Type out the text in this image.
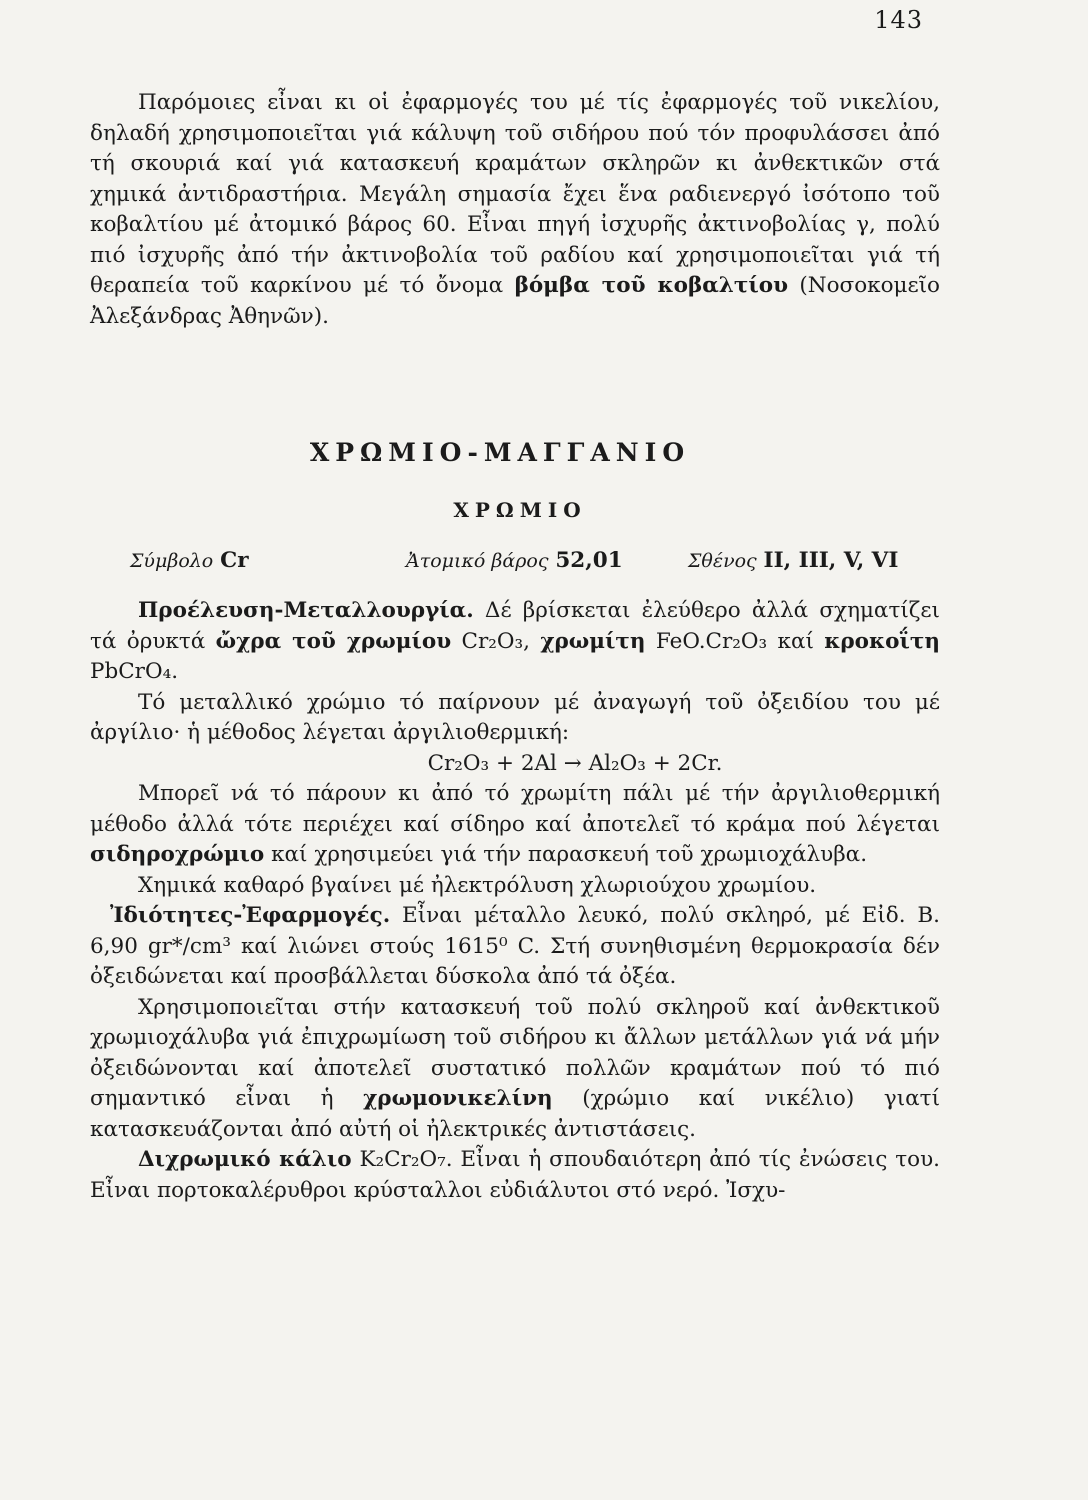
143

Παρόμοιες εἶναι κι οἱ ἐφαρμογές του μέ τίς ἐφαρμογές τοῦ νικελίου, δηλαδή χρησιμοποιεῖται γιά κάλυψη τοῦ σιδήρου πού τόν προφυλάσσει ἀπό τή σκουριά καί γιά κατασκευή κραμάτων σκληρῶν κι ἀνθεκτικῶν στά χημικά ἀντιδραστήρια. Μεγάλη σημασία ἔχει ἕνα ραδιενεργό ἰσότοπο τοῦ κοβαλτίου μέ ἀτομικό βάρος 60. Εἶναι πηγή ἰσχυρῆς ἀκτινοβολίας γ, πολύ πιό ἰσχυρῆς ἀπό τήν ἀκτινοβολία τοῦ ραδίου καί χρησιμοποιεῖται γιά τή θεραπεία τοῦ καρκίνου μέ τό ὄνομα βόμβα τοῦ κοβαλτίου (Νοσοκομεῖο Ἀλεξάνδρας Ἀθηνῶν).

ΧΡΩΜΙΟ-ΜΑΓΓΑΝΙΟ
ΧΡΩΜΙΟ
Σύμβολο Cr	Ἀτομικό βάρος 52,01	Σθένος II, III, V, VI

Προέλευση-Μεταλλουργία. Δέ βρίσκεται ἐλεύθερο ἀλλά σχηματίζει τά ὀρυκτά ὤχρα τοῦ χρωμίου Cr₂O₃, χρωμίτη FeO.Cr₂O₃ καί κροκοΐτη PbCrO₄.

Τό μεταλλικό χρώμιο τό παίρνουν μέ ἀναγωγή τοῦ ὀξειδίου του μέ ἀργίλιο· ἡ μέθοδος λέγεται ἀργιλιοθερμική:

Cr₂O₃ + 2Al → Al₂O₃ + 2Cr.

Μπορεῖ νά τό πάρουν κι ἀπό τό χρωμίτη πάλι μέ τήν ἀργιλιοθερμική μέθοδο ἀλλά τότε περιέχει καί σίδηρο καί ἀποτελεῖ τό κράμα πού λέγεται σιδηροχρώμιο καί χρησιμεύει γιά τήν παρασκευή τοῦ χρωμιοχάλυβα.

Χημικά καθαρό βγαίνει μέ ἠλεκτρόλυση χλωριούχου χρωμίου.

Ἰδιότητες-Ἐφαρμογές. Εἶναι μέταλλο λευκό, πολύ σκληρό, μέ Εἰδ. Β. 6,90 gr*/cm³ καί λιώνει στούς 1615⁰ C. Στή συνηθισμένη θερμοκρασία δέν ὀξειδώνεται καί προσβάλλεται δύσκολα ἀπό τά ὀξέα.

Χρησιμοποιεῖται στήν κατασκευή τοῦ πολύ σκληροῦ καί ἀνθεκτικοῦ χρωμιοχάλυβα γιά ἐπιχρωμίωση τοῦ σιδήρου κι ἄλλων μετάλλων γιά νά μήν ὀξειδώνονται καί ἀποτελεῖ συστατικό πολλῶν κραμάτων πού τό πιό σημαντικό εἶναι ἡ χρωμονικελίνη (χρώμιο καί νικέλιο) γιατί κατασκευάζονται ἀπό αὐτή οἱ ἠλεκτρικές ἀντιστάσεις.

Διχρωμικό κάλιο K₂Cr₂O₇. Εἶναι ἡ σπουδαιότερη ἀπό τίς ἐνώσεις του. Εἶναι πορτοκαλέρυθροι κρύσταλλοι εὐδιάλυτοι στό νερό. Ἰσχυ-
